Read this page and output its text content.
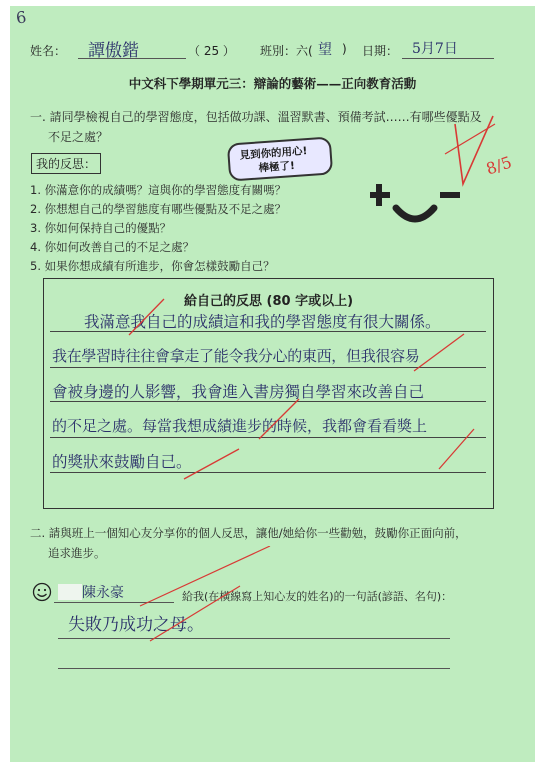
6
姓名： 譚傲鍇	（ 25 ） 班別：六( 望 ) 日期： 5月7日
中文科下學期單元三：辯論的藝術——正向教育活動
一. 請同學檢視自己的學習態度，包括做功課、溫習默書、預備考試……有哪些優點及
不足之處？
我的反思：
1. 你滿意你的成績嗎？這與你的學習態度有關嗎？
2. 你想想自己的學習態度有哪些優點及不足之處？
3. 你如何保持自己的優點？
4. 你如何改善自己的不足之處？
5. 如果你想成績有所進步，你會怎樣鼓勵自己？
見到你的用心!
棒極了!	8/5
給自己的反思 (80 字或以上)
我滿意我自己的成績這和我的學習態度有很大關係。
我在學習時往往會拿走了能令我分心的東西，但我很容易
會被身邊的人影響，我會進入書房獨自學習來改善自己
的不足之處。每當我想成績進步的時候，我都會看看獎上
的獎狀來鼓勵自己。
二. 請與班上一個知心友分享你的個人反思，讓他/她給你一些勸勉，鼓勵你正面向前，
追求進步。
陳永豪	給我(在橫線寫上知心友的姓名)的一句話(諺語、名句)：
失敗乃成功之母。
